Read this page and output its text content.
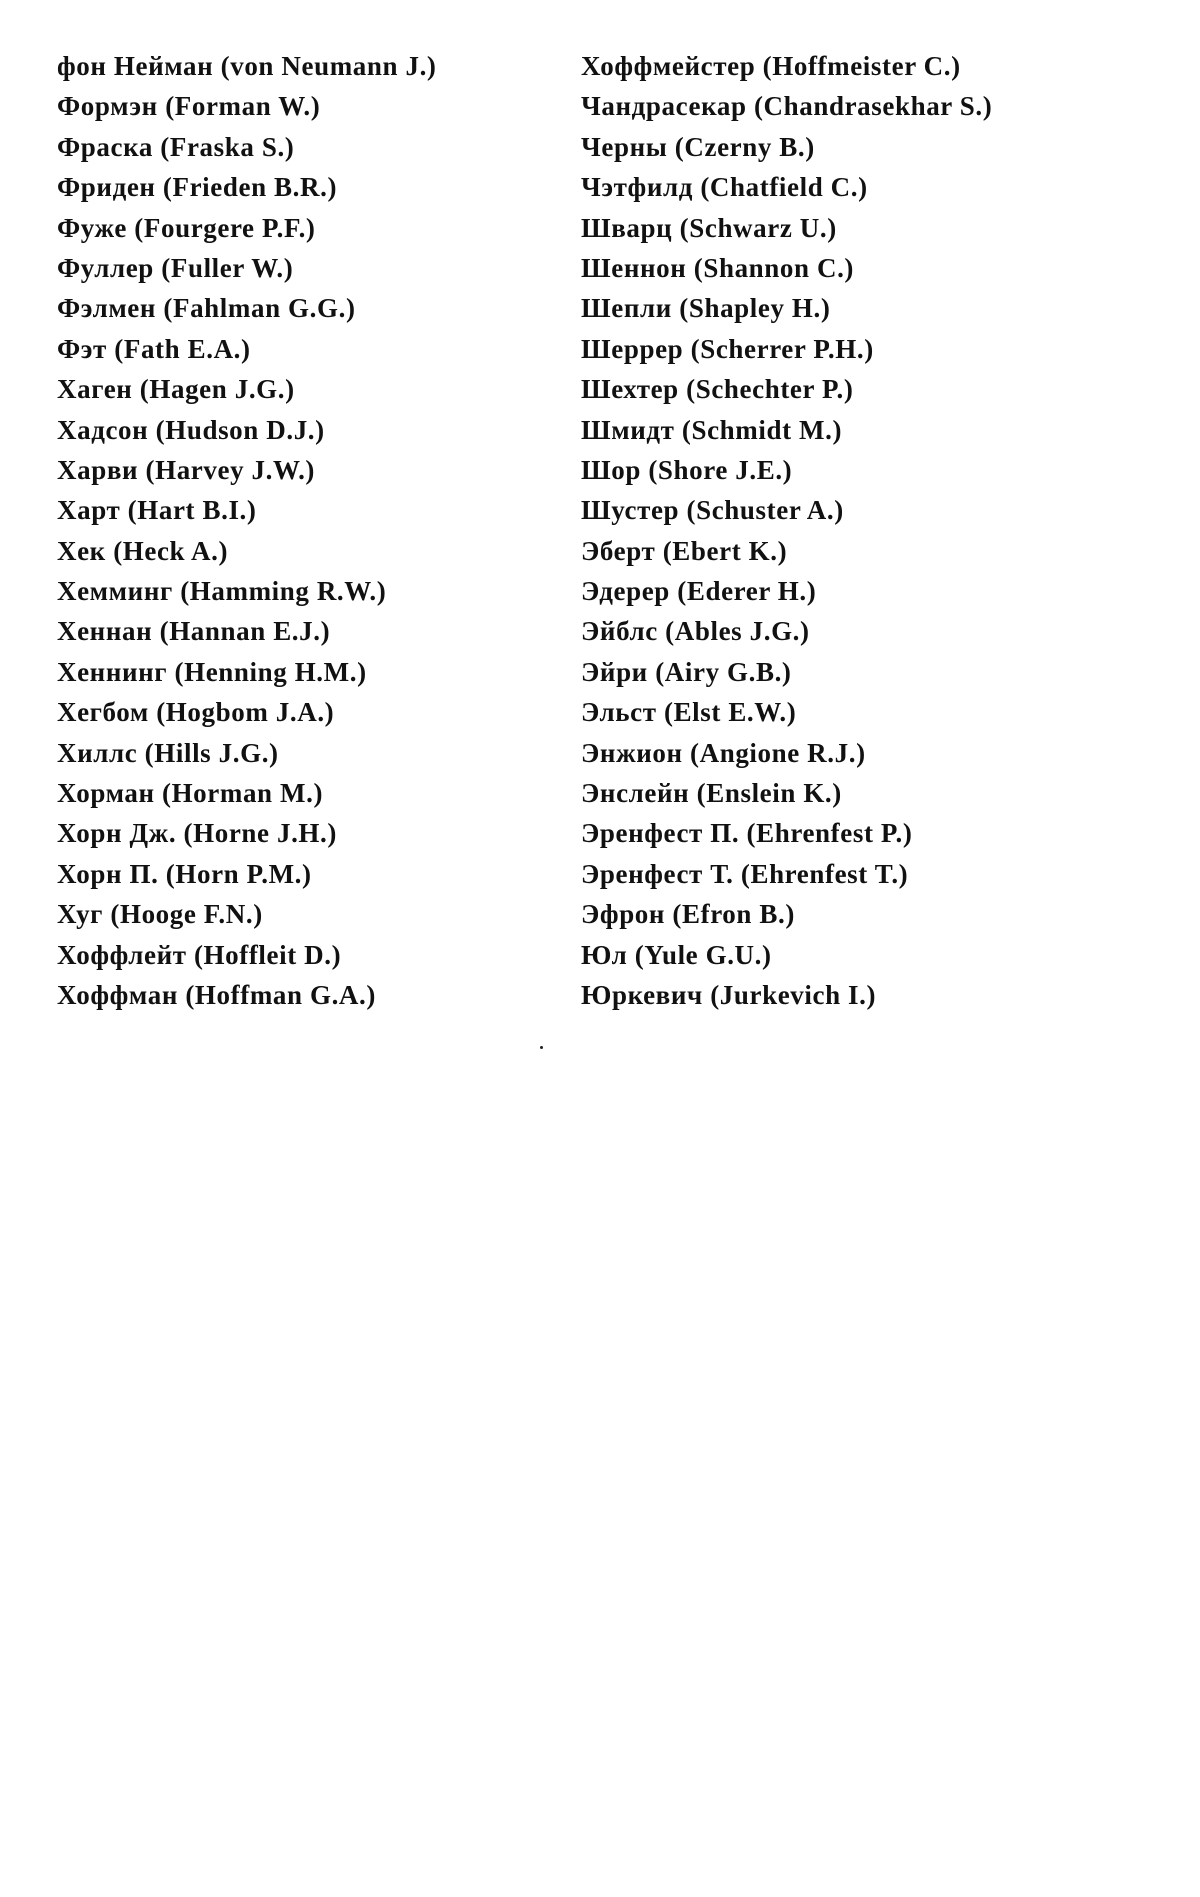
фон Нейман (von Neumann J.)
Формэн (Forman W.)
Фраска (Fraska S.)
Фриден (Frieden B.R.)
Фуже (Fourgere P.F.)
Фуллер (Fuller W.)
Фэлмен (Fahlman G.G.)
Фэт (Fath E.A.)
Хаген (Hagen J.G.)
Хадсон (Hudson D.J.)
Харви (Harvey J.W.)
Харт (Hart B.I.)
Хек (Heck A.)
Хемминг (Hamming R.W.)
Хеннан (Hannan E.J.)
Хеннинг (Henning H.M.)
Хегбом (Hogbom J.A.)
Хиллс (Hills J.G.)
Хорман (Horman M.)
Хорн Дж. (Horne J.H.)
Хорн П. (Horn P.M.)
Хуг (Hooge F.N.)
Хоффлейт (Hoffleit D.)
Хоффман (Hoffman G.A.)
Хоффмейстер (Hoffmeister C.)
Чандрасекар (Chandrasekhar S.)
Черны (Czerny B.)
Чэтфилд (Chatfield C.)
Шварц (Schwarz U.)
Шеннон (Shannon C.)
Шепли (Shapley H.)
Шеррер (Scherrer P.H.)
Шехтер (Schechter P.)
Шмидт (Schmidt M.)
Шор (Shore J.E.)
Шустер (Schuster A.)
Эберт (Ebert K.)
Эдерер (Ederer H.)
Эйблс (Ables J.G.)
Эйри (Airy G.B.)
Эльст (Elst E.W.)
Энжион (Angione R.J.)
Энслейн (Enslein K.)
Эренфест П. (Ehrenfest P.)
Эренфест Т. (Ehrenfest T.)
Эфрон (Efron B.)
Юл (Yule G.U.)
Юркевич (Jurkevich I.)
